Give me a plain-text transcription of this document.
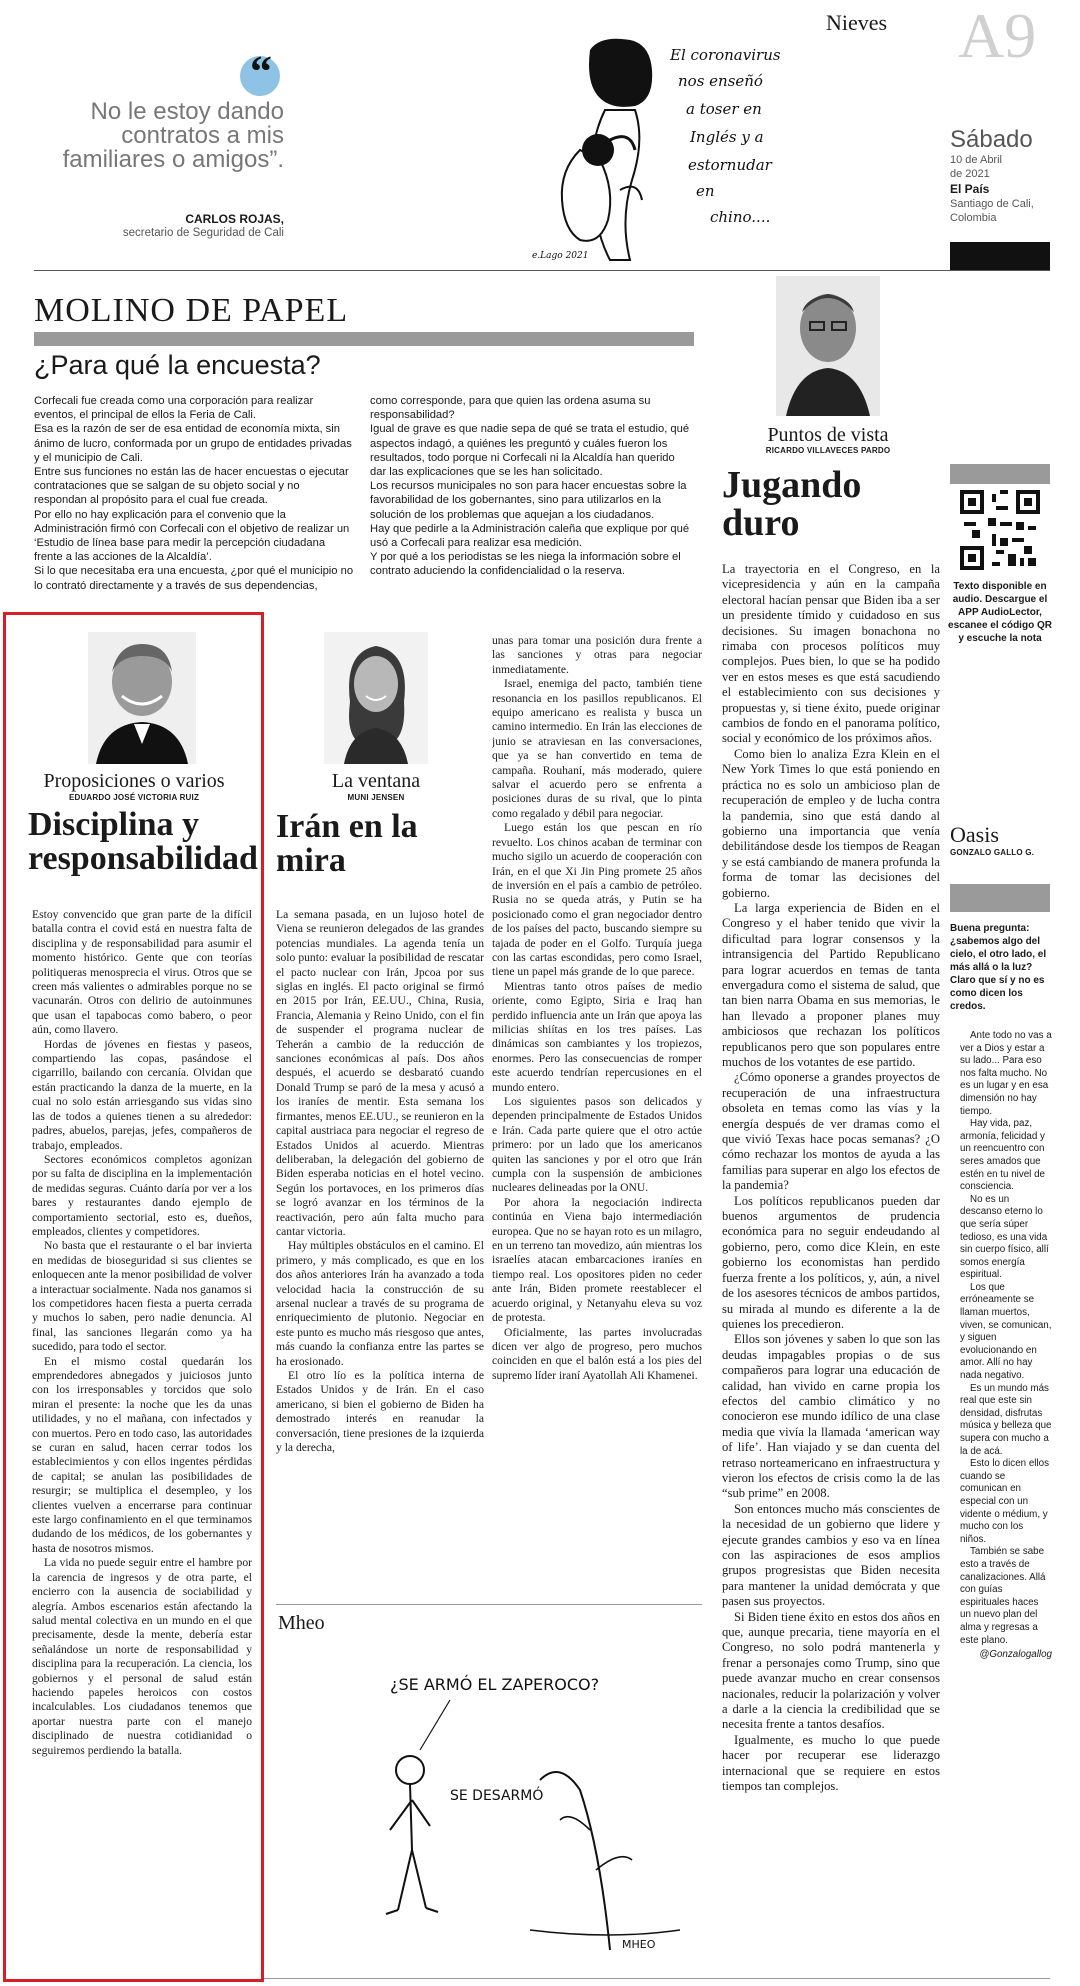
Nieves A9
Sábado
10 de Abril
de 2021
El País
Santiago de Cali,
Colombia
“
No le estoy dando contratos a mis familiares o amigos”.
CARLOS ROJAS,
secretario de Seguridad de Cali
El coronavirus
nos enseñó
a toser en
Inglés y a
estornudar
en
chino....
e.Lago 2021
MOLINO DE PAPEL
¿Para qué la encuesta?
Corfecali fue creada como una corporación para realizar eventos, el principal de ellos la Feria de Cali.
Esa es la razón de ser de esa entidad de economía mixta, sin ánimo de lucro, conformada por un grupo de entidades privadas y el municipio de Cali.
Entre sus funciones no están las de hacer encuestas o ejecutar contrataciones que se salgan de su objeto social y no respondan al propósito para el cual fue creada.
Por ello no hay explicación para el convenio que la Administración firmó con Corfecali con el objetivo de realizar un ‘Estudio de línea base para medir la percepción ciudadana frente a las acciones de la Alcaldía’.
Si lo que necesitaba era una encuesta, ¿por qué el municipio no lo contrató directamente y a través de sus dependencias,
como corresponde, para que quien las ordena asuma su responsabilidad?
Igual de grave es que nadie sepa de qué se trata el estudio, qué aspectos indagó, a quiénes les preguntó y cuáles fueron los resultados, todo porque ni Corfecali ni la Alcaldía han querido dar las explicaciones que se les han solicitado.
Los recursos municipales no son para hacer encuestas sobre la favorabilidad de los gobernantes, sino para utilizarlos en la solución de los problemas que aquejan a los ciudadanos.
Hay que pedirle a la Administración caleña que explique por qué usó a Corfecali para realizar esa medición.
Y por qué a los periodistas se les niega la información sobre el contrato aduciendo la confidencialidad o la reserva.
Puntos de vista
RICARDO VILLAVECES PARDO
Jugando duro

La trayectoria en el Congreso, en la vicepresidencia y aún en la campaña electoral hacían pensar que Biden iba a ser un presidente tímido y cuidadoso en sus decisiones. Su imagen bonachona no rimaba con procesos políticos muy complejos. Pues bien, lo que se ha podido ver en estos meses es que está sacudiendo el establecimiento con sus decisiones y propuestas y, si tiene éxito, puede originar cambios de fondo en el panorama político, social y económico de los próximos años.

Como bien lo analiza Ezra Klein en el New York Times lo que está poniendo en práctica no es solo un ambicioso plan de recuperación de empleo y de lucha contra la pandemia, sino que está dando al gobierno una importancia que venía debilitándose desde los tiempos de Reagan y se está cambiando de manera profunda la forma de tomar las decisiones del gobierno.

La larga experiencia de Biden en el Congreso y el haber tenido que vivir la dificultad para lograr consensos y la intransigencia del Partido Republicano para lograr acuerdos en temas de tanta envergadura como el sistema de salud, que tan bien narra Obama en sus memorias, le han llevado a proponer planes muy ambiciosos que rechazan los políticos republicanos pero que son populares entre muchos de los votantes de ese partido.

¿Cómo oponerse a grandes proyectos de recuperación de una infraestructura obsoleta en temas como las vías y la energía después de ver dramas como el que vivió Texas hace pocas semanas? ¿O cómo rechazar los montos de ayuda a las familias para superar en algo los efectos de la pandemia?

Los políticos republicanos pueden dar buenos argumentos de prudencia económica para no seguir endeudando al gobierno, pero, como dice Klein, en este gobierno los economistas han perdido fuerza frente a los políticos, y, aún, a nivel de los asesores técnicos de ambos partidos, su mirada al mundo es diferente a la de quienes los precedieron.

Ellos son jóvenes y saben lo que son las deudas impagables propias o de sus compañeros para lograr una educación de calidad, han vivido en carne propia los efectos del cambio climático y no conocieron ese mundo idílico de una clase media que vivía la llamada ‘american way of life’. Han viajado y se dan cuenta del retraso norteamericano en infraestructura y vieron los efectos de crisis como la de las “sub prime” en 2008.

Son entonces mucho más conscientes de la necesidad de un gobierno que lidere y ejecute grandes cambios y eso va en línea con las aspiraciones de esos amplios grupos progresistas que Biden necesita para mantener la unidad demócrata y que pasen sus proyectos.

Si Biden tiene éxito en estos dos años en que, aunque precaria, tiene mayoría en el Congreso, no solo podrá mantenerla y frenar a personajes como Trump, sino que puede avanzar mucho en crear consensos nacionales, reducir la polarización y volver a darle a la ciencia la credibilidad que se necesita frente a tantos desafíos.

Igualmente, es mucho lo que puede hacer por recuperar ese liderazgo internacional que se requiere en estos tiempos tan complejos.

Texto disponible en audio. Descargue el APP AudioLector, escanee el código QR y escuche la nota
Oasis
GONZALO GALLO G.
Buena pregunta: ¿sabemos algo del cielo, el otro lado, el más allá o la luz? Claro que sí y no es como dicen los credos.

Ante todo no vas a ver a Dios y estar a su lado... Para eso nos falta mucho. No es un lugar y en esa dimensión no hay tiempo.

Hay vida, paz, armonía, felicidad y un reencuentro con seres amados que estén en tu nivel de consciencia.

No es un descanso eterno lo que sería súper tedioso, es una vida sin cuerpo físico, allí somos energía espiritual.

Los que erróneamente se llaman muertos, viven, se comunican, y siguen evolucionando en amor. Allí no hay nada negativo.

Es un mundo más real que este sin densidad, disfrutas música y belleza que supera con mucho a la de acá.

Esto lo dicen ellos cuando se comunican en especial con un vidente o médium, y mucho con los niños.

También se sabe esto a través de canalizaciones. Allá con guías espirituales haces un nuevo plan del alma y regresas a este plano.

@Gonzalogallog

Proposiciones o varios
EDUARDO JOSÉ VICTORIA RUIZ
Disciplina y responsabilidad

Estoy convencido que gran parte de la difícil batalla contra el covid está en nuestra falta de disciplina y de responsabilidad para asumir el momento histórico. Gente que con teorías politiqueras menosprecia el virus. Otros que se creen más valientes o admirables porque no se vacunarán. Otros con delirio de autoinmunes que usan el tapabocas como babero, o peor aún, como llavero.

Hordas de jóvenes en fiestas y paseos, compartiendo las copas, pasándose el cigarrillo, bailando con cercanía. Olvidan que están practicando la danza de la muerte, en la cual no solo están arriesgando sus vidas sino las de todos a quienes tienen a su alrededor: padres, abuelos, parejas, jefes, compañeros de trabajo, empleados.

Sectores económicos completos agonizan por su falta de disciplina en la implementación de medidas seguras. Cuánto daría por ver a los bares y restaurantes dando ejemplo de comportamiento sectorial, esto es, dueños, empleados, clientes y competidores.

No basta que el restaurante o el bar invierta en medidas de bioseguridad si sus clientes se enloquecen ante la menor posibilidad de volver a interactuar socialmente. Nada nos ganamos si los competidores hacen fiesta a puerta cerrada y muchos lo saben, pero nadie denuncia. Al final, las sanciones llegarán como ya ha sucedido, para todo el sector.

En el mismo costal quedarán los emprendedores abnegados y juiciosos junto con los irresponsables y torcidos que solo miran el presente: la noche que les da unas utilidades, y no el mañana, con infectados y con muertos. Pero en todo caso, las autoridades se curan en salud, hacen cerrar todos los establecimientos y con ellos ingentes pérdidas de capital; se anulan las posibilidades de resurgir; se multiplica el desempleo, y los clientes vuelven a encerrarse para continuar este largo confinamiento en el que terminamos dudando de los médicos, de los gobernantes y hasta de nosotros mismos.

La vida no puede seguir entre el hambre por la carencia de ingresos y de otra parte, el encierro con la ausencia de sociabilidad y alegría. Ambos escenarios están afectando la salud mental colectiva en un mundo en el que precisamente, desde la mente, debería estar señalándose un norte de responsabilidad y disciplina para la recuperación. La ciencia, los gobiernos y el personal de salud están haciendo papeles heroicos con costos incalculables. Los ciudadanos tenemos que aportar nuestra parte con el manejo disciplinado de nuestra cotidianidad o seguiremos perdiendo la batalla.

La ventana
MUNI JENSEN
Irán en la mira

La semana pasada, en un lujoso hotel de Viena se reunieron delegados de las grandes potencias mundiales. La agenda tenía un solo punto: evaluar la posibilidad de rescatar el pacto nuclear con Irán, Jpcoa por sus siglas en inglés. El pacto original se firmó en 2015 por Irán, EE.UU., China, Rusia, Francia, Alemania y Reino Unido, con el fin de suspender el programa nuclear de Teherán a cambio de la reducción de sanciones económicas al país. Dos años después, el acuerdo se desbarató cuando Donald Trump se paró de la mesa y acusó a los iraníes de mentir. Esta semana los firmantes, menos EE.UU., se reunieron en la capital austriaca para negociar el regreso de Estados Unidos al acuerdo. Mientras deliberaban, la delegación del gobierno de Biden esperaba noticias en el hotel vecino. Según los portavoces, en los primeros días se logró avanzar en los términos de la reactivación, pero aún falta mucho para cantar victoria.

Hay múltiples obstáculos en el camino. El primero, y más complicado, es que en los dos años anteriores Irán ha avanzado a toda velocidad hacia la construcción de su arsenal nuclear a través de su programa de enriquecimiento de plutonio. Negociar en este punto es mucho más riesgoso que antes, más cuando la confianza entre las partes se ha erosionado.

El otro lío es la política interna de Estados Unidos y de Irán. En el caso americano, si bien el gobierno de Biden ha demostrado interés en reanudar la conversación, tiene presiones de la izquierda y la derecha,

unas para tomar una posición dura frente a las sanciones y otras para negociar inmediatamente.

Israel, enemiga del pacto, también tiene resonancia en los pasillos republicanos. El equipo americano es realista y busca un camino intermedio. En Irán las elecciones de junio se atraviesan en las conversaciones, que ya se han convertido en tema de campaña. Rouhaní, más moderado, quiere salvar el acuerdo pero se enfrenta a posiciones duras de su rival, que lo pinta como regalado y débil para negociar.

Luego están los que pescan en río revuelto. Los chinos acaban de terminar con mucho sigilo un acuerdo de cooperación con Irán, en el que Xi Jin Ping promete 25 años de inversión en el país a cambio de petróleo. Rusia no se queda atrás, y Putin se ha posicionado como el gran negociador dentro de los países del pacto, buscando siempre su tajada de poder en el Golfo. Turquía juega con las cartas escondidas, pero como Israel, tiene un papel más grande de lo que parece.

Mientras tanto otros países de medio oriente, como Egipto, Siria e Iraq han perdido influencia ante un Irán que apoya las milicias shiítas en los tres países. Las dinámicas son cambiantes y los tropiezos, enormes. Pero las consecuencias de romper este acuerdo tendrían repercusiones en el mundo entero.

Los siguientes pasos son delicados y dependen principalmente de Estados Unidos e Irán. Cada parte quiere que el otro actúe primero: por un lado que los americanos quiten las sanciones y por el otro que Irán cumpla con la suspensión de ambiciones nucleares delineadas por la ONU.

Por ahora la negociación indirecta continúa en Viena bajo intermediación europea. Que no se hayan roto es un milagro, en un terreno tan movedizo, aún mientras los israelíes atacan embarcaciones iraníes en tiempo real. Los opositores piden no ceder ante Irán, Biden promete reestablecer el acuerdo original, y Netanyahu eleva su voz de protesta.

Oficialmente, las partes involucradas dicen ver algo de progreso, pero muchos coinciden en que el balón está a los pies del supremo líder iraní Ayatollah Ali Khamenei.

Mheo
¿SE ARMÓ EL ZAPEROCO?
SE DESARMÓ
MHEO
